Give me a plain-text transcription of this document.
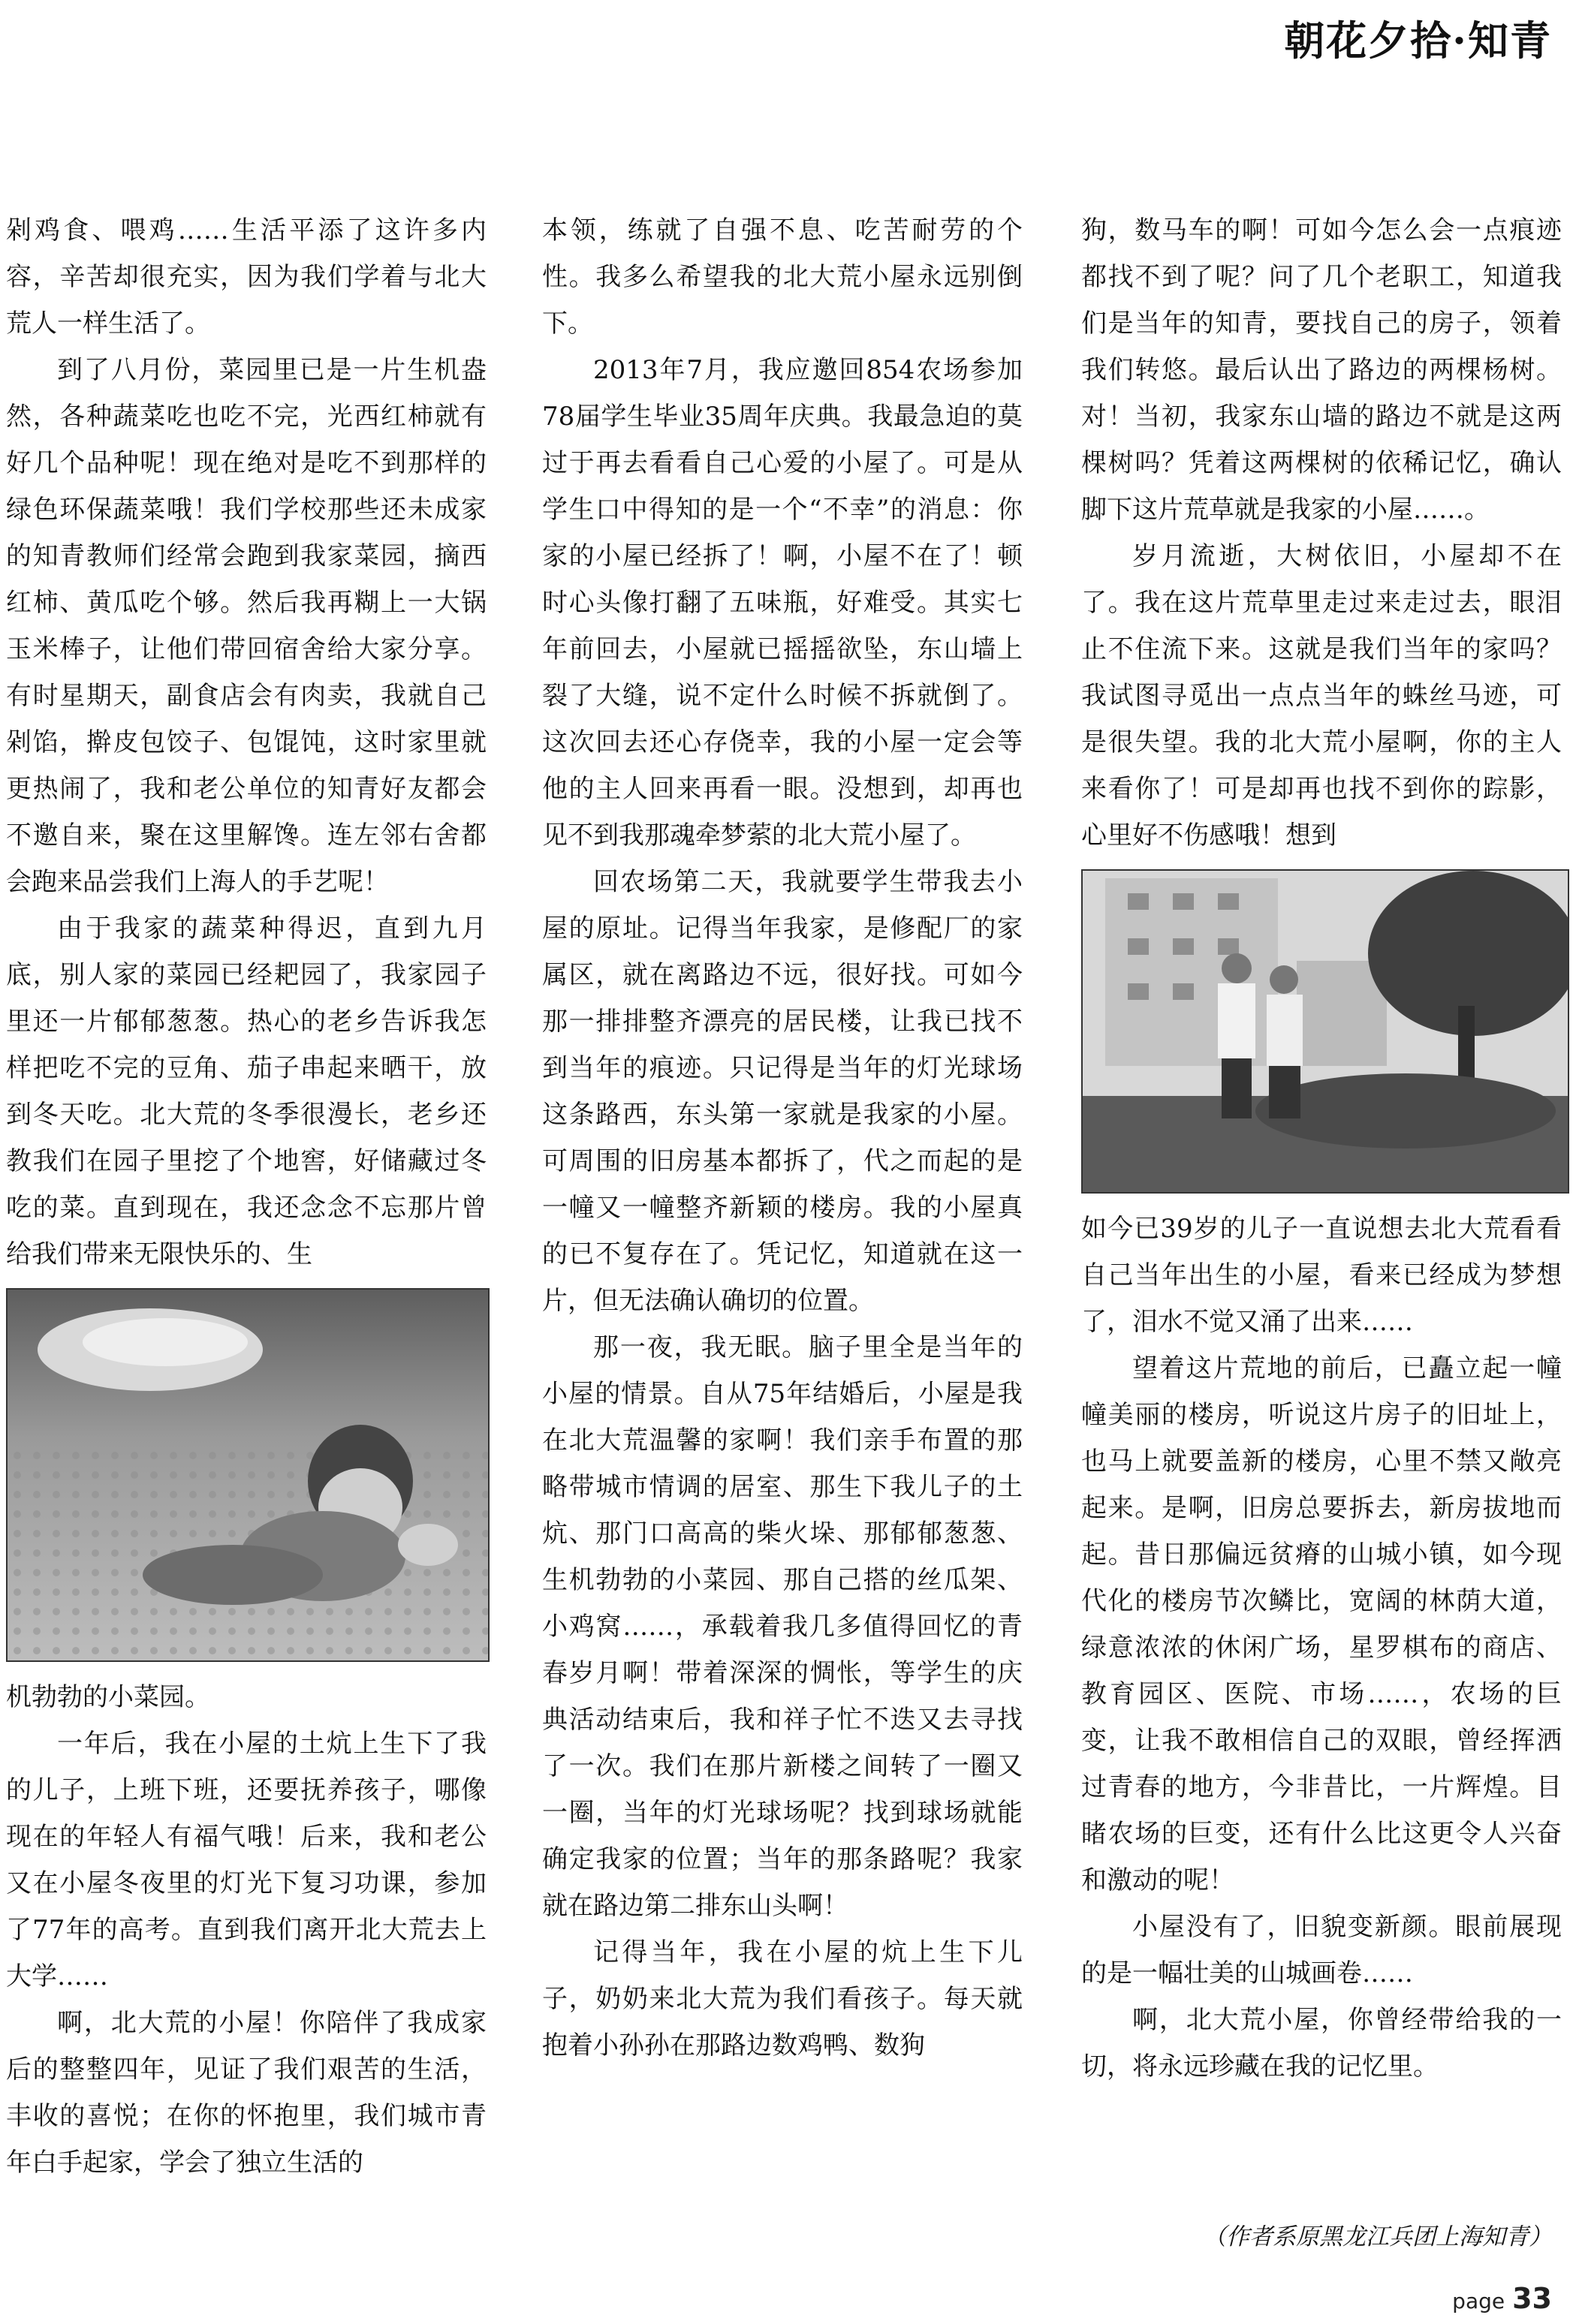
朝花夕拾·知青

剁鸡食、喂鸡……生活平添了这许多内容，辛苦却很充实，因为我们学着与北大荒人一样生活了。

到了八月份，菜园里已是一片生机盎然，各种蔬菜吃也吃不完，光西红柿就有好几个品种呢！现在绝对是吃不到那样的绿色环保蔬菜哦！我们学校那些还未成家的知青教师们经常会跑到我家菜园，摘西红柿、黄瓜吃个够。然后我再糊上一大锅玉米棒子，让他们带回宿舍给大家分享。有时星期天，副食店会有肉卖，我就自己剁馅，擀皮包饺子、包馄饨，这时家里就更热闹了，我和老公单位的知青好友都会不邀自来，聚在这里解馋。连左邻右舍都会跑来品尝我们上海人的手艺呢！

由于我家的蔬菜种得迟，直到九月底，别人家的菜园已经耙园了，我家园子里还一片郁郁葱葱。热心的老乡告诉我怎样把吃不完的豆角、茄子串起来晒干，放到冬天吃。北大荒的冬季很漫长，老乡还教我们在园子里挖了个地窖，好储藏过冬吃的菜。直到现在，我还念念不忘那片曾给我们带来无限快乐的、生

机勃勃的小菜园。

一年后，我在小屋的土炕上生下了我的儿子，上班下班，还要抚养孩子，哪像现在的年轻人有福气哦！后来，我和老公又在小屋冬夜里的灯光下复习功课，参加了77年的高考。直到我们离开北大荒去上大学……

啊，北大荒的小屋！你陪伴了我成家后的整整四年，见证了我们艰苦的生活，丰收的喜悦；在你的怀抱里，我们城市青年白手起家，学会了独立生活的

本领，练就了自强不息、吃苦耐劳的个性。我多么希望我的北大荒小屋永远别倒下。

2013年7月，我应邀回854农场参加78届学生毕业35周年庆典。我最急迫的莫过于再去看看自己心爱的小屋了。可是从学生口中得知的是一个“不幸”的消息：你家的小屋已经拆了！啊，小屋不在了！顿时心头像打翻了五味瓶，好难受。其实七年前回去，小屋就已摇摇欲坠，东山墙上裂了大缝，说不定什么时候不拆就倒了。这次回去还心存侥幸，我的小屋一定会等他的主人回来再看一眼。没想到，却再也见不到我那魂牵梦萦的北大荒小屋了。

回农场第二天，我就要学生带我去小屋的原址。记得当年我家，是修配厂的家属区，就在离路边不远，很好找。可如今那一排排整齐漂亮的居民楼，让我已找不到当年的痕迹。只记得是当年的灯光球场这条路西，东头第一家就是我家的小屋。可周围的旧房基本都拆了，代之而起的是一幢又一幢整齐新颖的楼房。我的小屋真的已不复存在了。凭记忆，知道就在这一片，但无法确认确切的位置。

那一夜，我无眠。脑子里全是当年的小屋的情景。自从75年结婚后，小屋是我在北大荒温馨的家啊！我们亲手布置的那略带城市情调的居室、那生下我儿子的土炕、那门口高高的柴火垛、那郁郁葱葱、生机勃勃的小菜园、那自己搭的丝瓜架、小鸡窝……，承载着我几多值得回忆的青春岁月啊！带着深深的惆怅，等学生的庆典活动结束后，我和祥子忙不迭又去寻找了一次。我们在那片新楼之间转了一圈又一圈，当年的灯光球场呢？找到球场就能确定我家的位置；当年的那条路呢？我家就在路边第二排东山头啊！

记得当年，我在小屋的炕上生下儿子，奶奶来北大荒为我们看孩子。每天就抱着小孙孙在那路边数鸡鸭、数狗

狗，数马车的啊！可如今怎么会一点痕迹都找不到了呢？问了几个老职工，知道我们是当年的知青，要找自己的房子，领着我们转悠。最后认出了路边的两棵杨树。对！当初，我家东山墙的路边不就是这两棵树吗？凭着这两棵树的依稀记忆，确认脚下这片荒草就是我家的小屋……。

岁月流逝，大树依旧，小屋却不在了。我在这片荒草里走过来走过去，眼泪止不住流下来。这就是我们当年的家吗？我试图寻觅出一点点当年的蛛丝马迹，可是很失望。我的北大荒小屋啊，你的主人来看你了！可是却再也找不到你的踪影，心里好不伤感哦！想到

如今已39岁的儿子一直说想去北大荒看看自己当年出生的小屋，看来已经成为梦想了，泪水不觉又涌了出来……

望着这片荒地的前后，已矗立起一幢幢美丽的楼房，听说这片房子的旧址上，也马上就要盖新的楼房，心里不禁又敞亮起来。是啊，旧房总要拆去，新房拔地而起。昔日那偏远贫瘠的山城小镇，如今现代化的楼房节次鳞比，宽阔的林荫大道，绿意浓浓的休闲广场，星罗棋布的商店、教育园区、医院、市场……，农场的巨变，让我不敢相信自己的双眼，曾经挥洒过青春的地方，今非昔比，一片辉煌。目睹农场的巨变，还有什么比这更令人兴奋和激动的呢！

小屋没有了，旧貌变新颜。眼前展现的是一幅壮美的山城画卷……

啊，北大荒小屋，你曾经带给我的一切，将永远珍藏在我的记忆里。

（作者系原黑龙江兵团上海知青）
page 33
